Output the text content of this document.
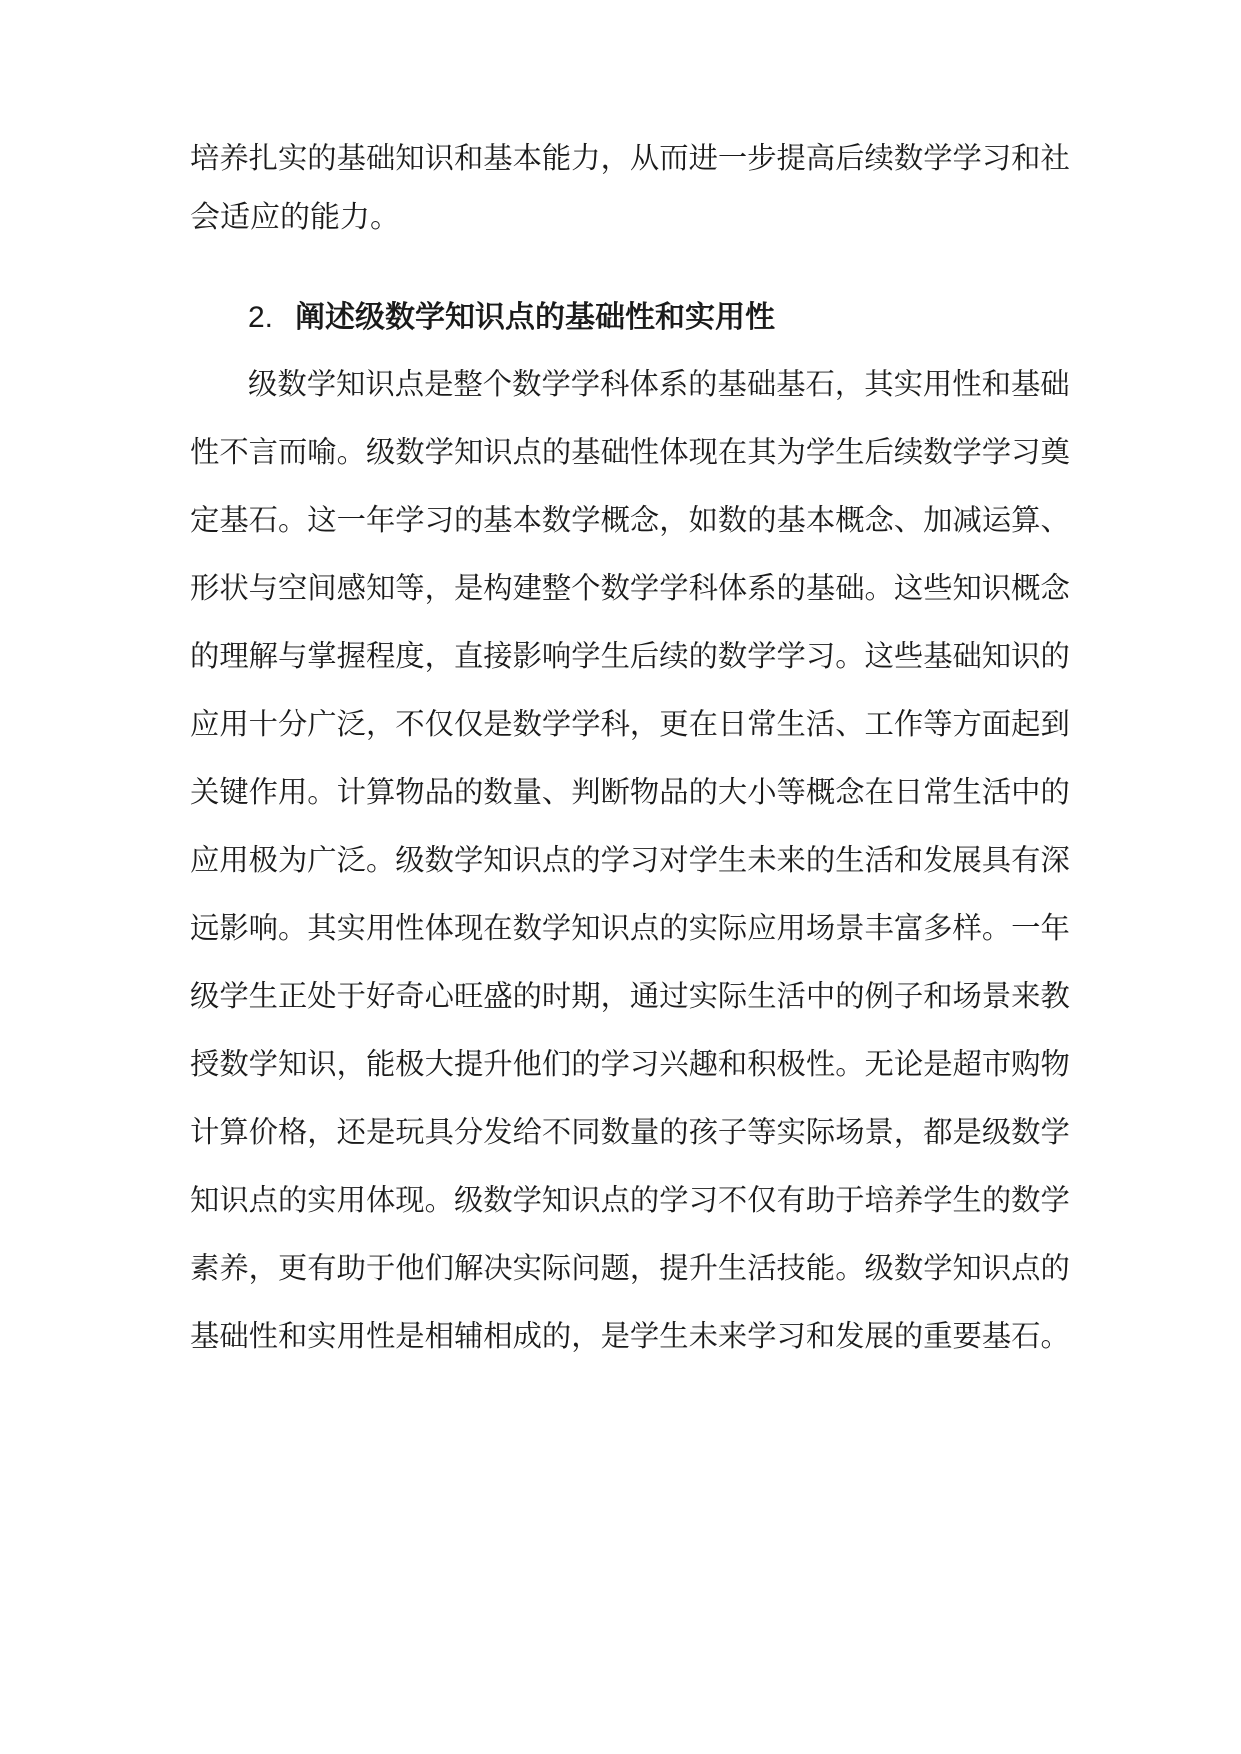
培养扎实的基础知识和基本能力，从而进一步提高后续数学学习和社
会适应的能力。
2. 阐述级数学知识点的基础性和实用性
级数学知识点是整个数学学科体系的基础基石，其实用性和基础
性不言而喻。级数学知识点的基础性体现在其为学生后续数学学习奠
定基石。这一年学习的基本数学概念，如数的基本概念、加减运算、
形状与空间感知等，是构建整个数学学科体系的基础。这些知识概念
的理解与掌握程度，直接影响学生后续的数学学习。这些基础知识的
应用十分广泛，不仅仅是数学学科，更在日常生活、工作等方面起到
关键作用。计算物品的数量、判断物品的大小等概念在日常生活中的
应用极为广泛。级数学知识点的学习对学生未来的生活和发展具有深
远影响。其实用性体现在数学知识点的实际应用场景丰富多样。一年
级学生正处于好奇心旺盛的时期，通过实际生活中的例子和场景来教
授数学知识，能极大提升他们的学习兴趣和积极性。无论是超市购物
计算价格，还是玩具分发给不同数量的孩子等实际场景，都是级数学
知识点的实用体现。级数学知识点的学习不仅有助于培养学生的数学
素养，更有助于他们解决实际问题，提升生活技能。级数学知识点的
基础性和实用性是相辅相成的，是学生未来学习和发展的重要基石。
